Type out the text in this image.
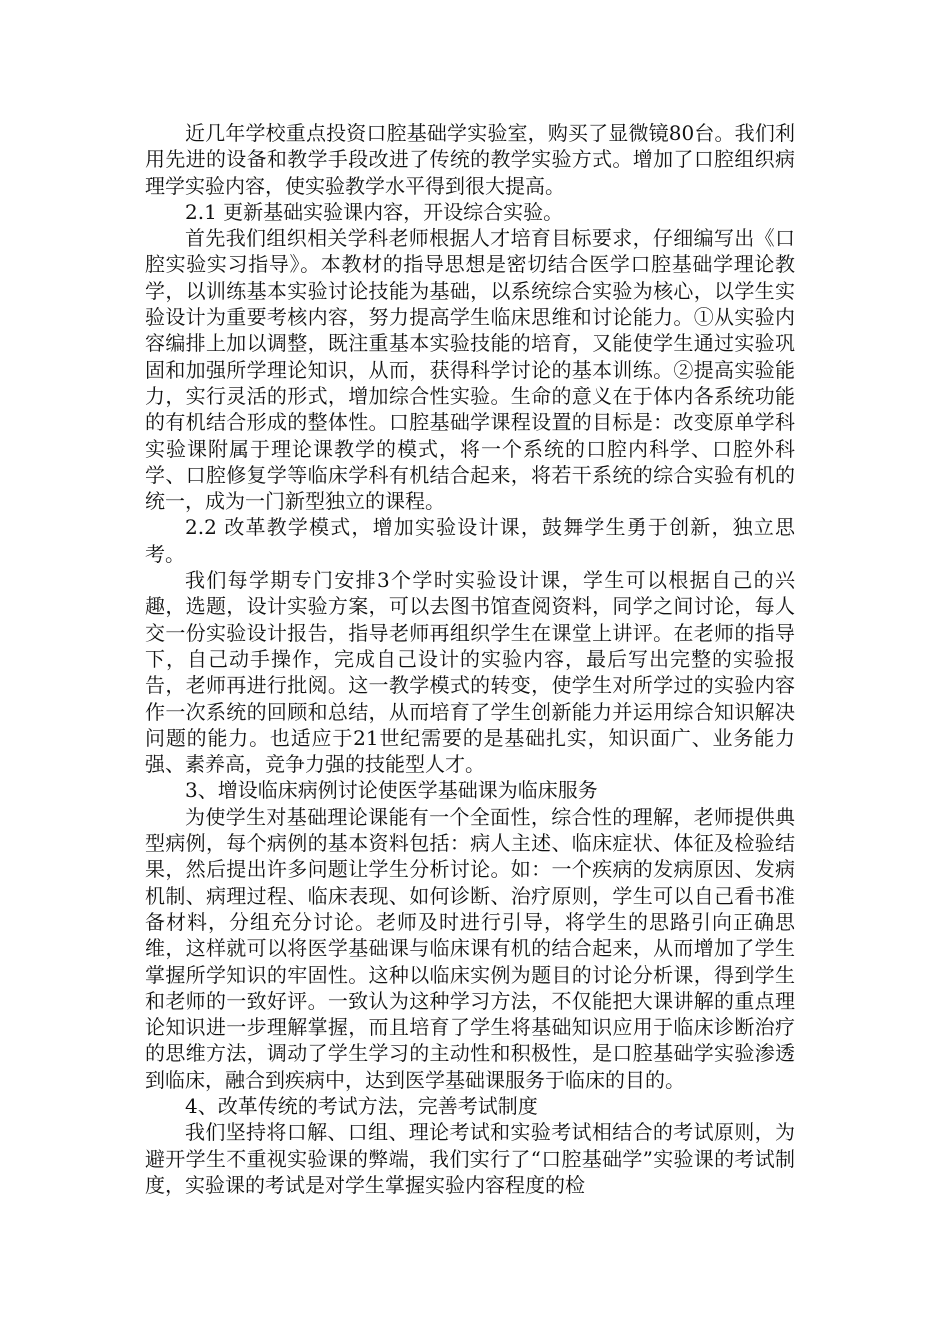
近几年学校重点投资口腔基础学实验室，购买了显微镜80台。我们利用先进的设备和教学手段改进了传统的教学实验方式。增加了口腔组织病理学实验内容，使实验教学水平得到很大提高。

2.1 更新基础实验课内容，开设综合实验。

首先我们组织相关学科老师根据人才培育目标要求，仔细编写出《口腔实验实习指导》。本教材的指导思想是密切结合医学口腔基础学理论教学，以训练基本实验讨论技能为基础，以系统综合实验为核心，以学生实验设计为重要考核内容，努力提高学生临床思维和讨论能力。①从实验内容编排上加以调整，既注重基本实验技能的培育，又能使学生通过实验巩固和加强所学理论知识，从而，获得科学讨论的基本训练。②提高实验能力，实行灵活的形式，增加综合性实验。生命的意义在于体内各系统功能的有机结合形成的整体性。口腔基础学课程设置的目标是：改变原单学科实验课附属于理论课教学的模式，将一个系统的口腔内科学、口腔外科学、口腔修复学等临床学科有机结合起来，将若干系统的综合实验有机的统一，成为一门新型独立的课程。

2.2 改革教学模式，增加实验设计课，鼓舞学生勇于创新，独立思考。

我们每学期专门安排3个学时实验设计课，学生可以根据自己的兴趣，选题，设计实验方案，可以去图书馆查阅资料，同学之间讨论，每人交一份实验设计报告，指导老师再组织学生在课堂上讲评。在老师的指导下，自己动手操作，完成自己设计的实验内容，最后写出完整的实验报告，老师再进行批阅。这一教学模式的转变，使学生对所学过的实验内容作一次系统的回顾和总结，从而培育了学生创新能力并运用综合知识解决问题的能力。也适应于21世纪需要的是基础扎实，知识面广、业务能力强、素养高，竞争力强的技能型人才。

3、增设临床病例讨论使医学基础课为临床服务

为使学生对基础理论课能有一个全面性，综合性的理解，老师提供典型病例，每个病例的基本资料包括：病人主述、临床症状、体征及检验结果，然后提出许多问题让学生分析讨论。如：一个疾病的发病原因、发病机制、病理过程、临床表现、如何诊断、治疗原则，学生可以自己看书准备材料，分组充分讨论。老师及时进行引导，将学生的思路引向正确思维，这样就可以将医学基础课与临床课有机的结合起来，从而增加了学生掌握所学知识的牢固性。这种以临床实例为题目的讨论分析课，得到学生和老师的一致好评。一致认为这种学习方法，不仅能把大课讲解的重点理论知识进一步理解掌握，而且培育了学生将基础知识应用于临床诊断治疗的思维方法，调动了学生学习的主动性和积极性，是口腔基础学实验渗透到临床，融合到疾病中，达到医学基础课服务于临床的目的。

4、改革传统的考试方法，完善考试制度

我们坚持将口解、口组、理论考试和实验考试相结合的考试原则，为避开学生不重视实验课的弊端，我们实行了“口腔基础学”实验课的考试制度，实验课的考试是对学生掌握实验内容程度的检
